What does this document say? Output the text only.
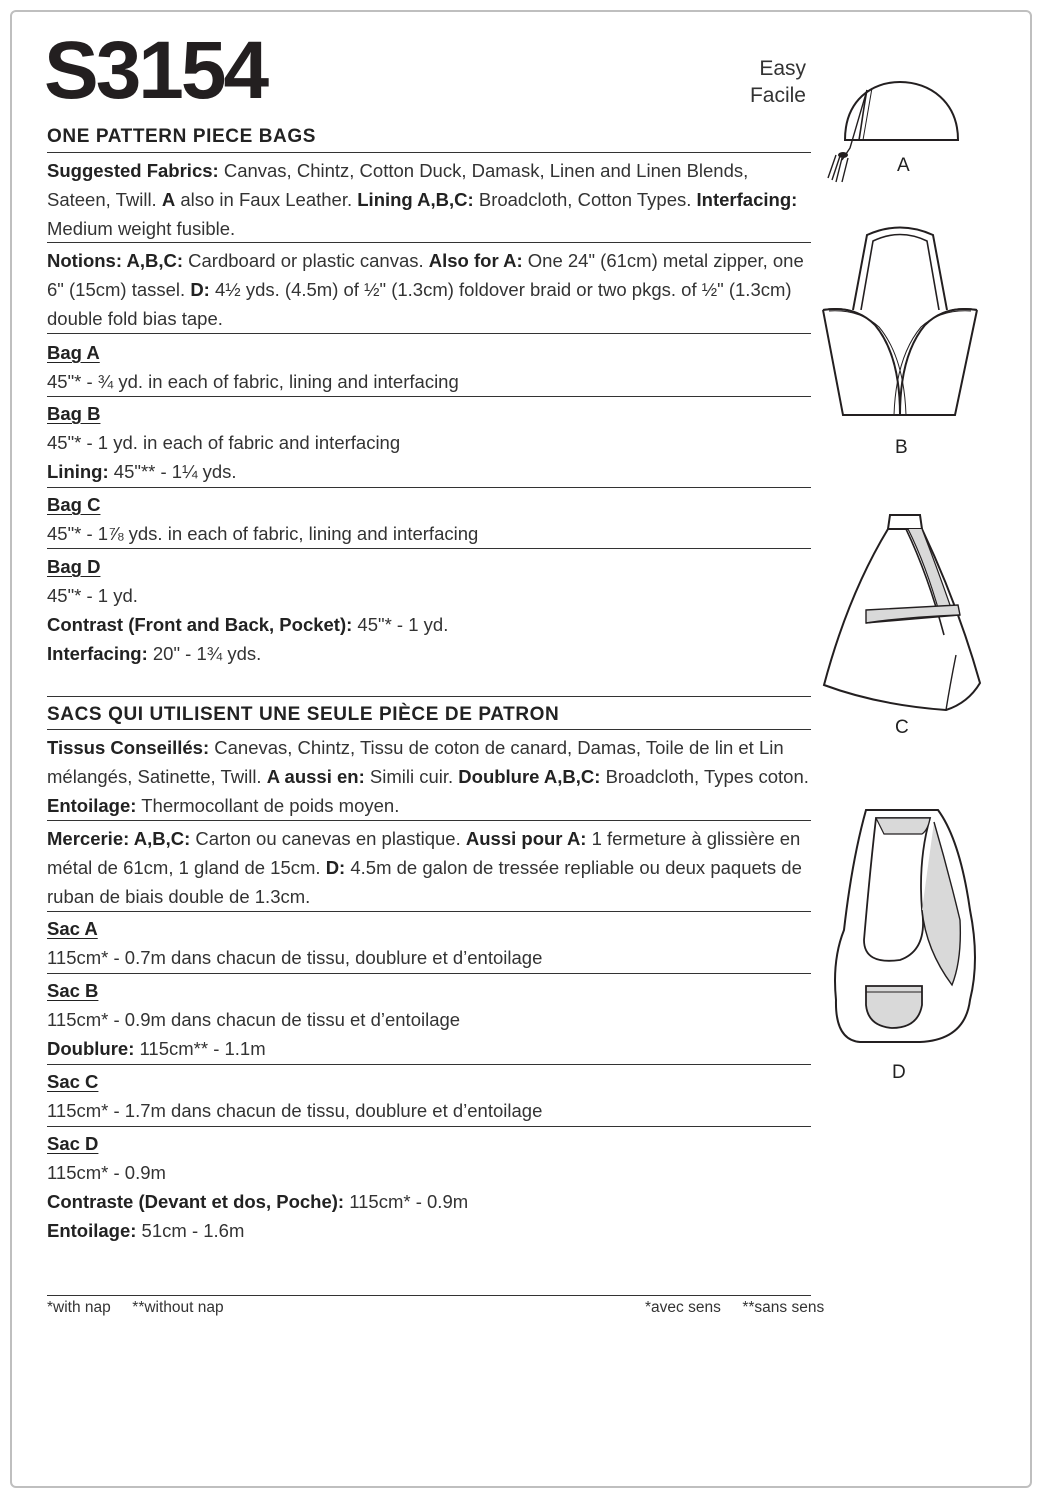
S3154	Easy
Facile
ONE PATTERN PIECE BAGS
Suggested Fabrics: Canvas, Chintz, Cotton Duck, Damask, Linen and Linen Blends, Sateen, Twill. A also in Faux Leather. Lining A,B,C: Broadcloth, Cotton Types. Interfacing: Medium weight fusible.
Notions: A,B,C: Cardboard or plastic canvas. Also for A: One 24" (61cm) metal zipper, one 6" (15cm) tassel. D: 4½ yds. (4.5m) of ½" (1.3cm) foldover braid or two pkgs. of ½" (1.3cm) double fold bias tape.
Bag A
45"* - ¾ yd. in each of fabric, lining and interfacing
Bag B
45"* - 1 yd. in each of fabric and interfacing
Lining: 45"** - 1¼ yds.
Bag C
45"* - 1⅞ yds. in each of fabric, lining and interfacing
Bag D
45"* - 1 yd.
Contrast (Front and Back, Pocket): 45"* - 1 yd.
Interfacing: 20" - 1¾ yds.
SACS QUI UTILISENT UNE SEULE PIÈCE DE PATRON
Tissus Conseillés: Canevas, Chintz, Tissu de coton de canard, Damas, Toile de lin et Lin mélangés, Satinette, Twill. A aussi en: Simili cuir. Doublure A,B,C: Broadcloth, Types coton. Entoilage: Thermocollant de poids moyen.
Mercerie: A,B,C: Carton ou canevas en plastique. Aussi pour A: 1 fermeture à glissière en métal de 61cm, 1 gland de 15cm. D: 4.5m de galon de tressée repliable ou deux paquets de ruban de biais double de 1.3cm.
Sac A
115cm* - 0.7m dans chacun de tissu, doublure et d’entoilage
Sac B
115cm* - 0.9m dans chacun de tissu et d’entoilage
Doublure: 115cm** - 1.1m
Sac C
115cm* - 1.7m dans chacun de tissu, doublure et d’entoilage
Sac D
115cm* - 0.9m
Contraste (Devant et dos, Poche): 115cm* - 0.9m
Entoilage: 51cm - 1.6m
*with nap     **without nap	*avec sens     **sans sens
A
B
C
D
